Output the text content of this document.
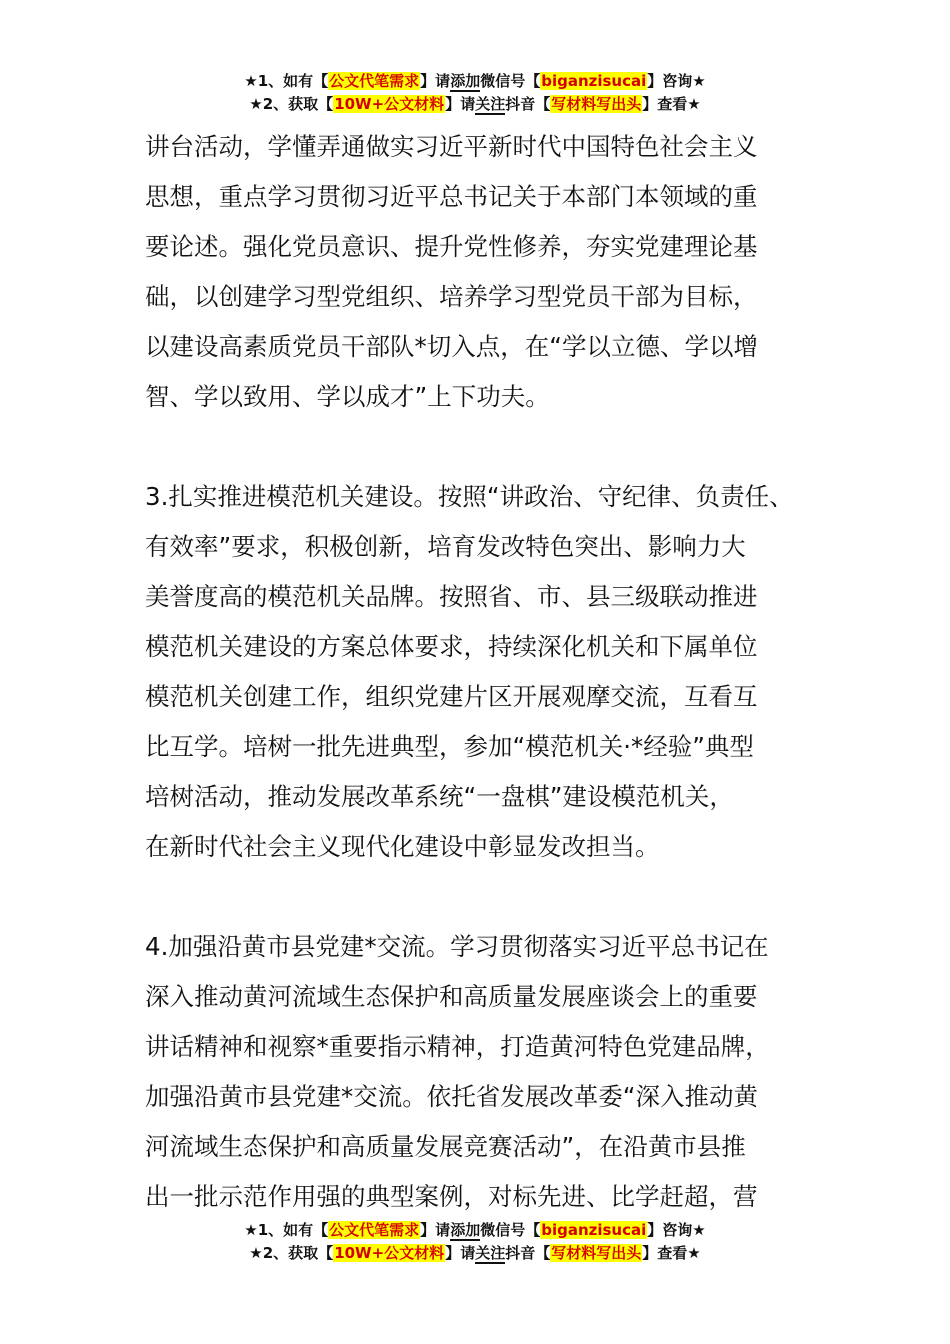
★1、如有【公文代笔需求】请添加微信号【biganzisucai】咨询★
★2、获取【10W+公文材料】请关注抖音【写材料写出头】查看★

讲台活动，学懂弄通做实习近平新时代中国特色社会主义
思想，重点学习贯彻习近平总书记关于本部门本领域的重
要论述。强化党员意识、提升党性修养，夯实党建理论基
础，以创建学习型党组织、培养学习型党员干部为目标，
以建设高素质党员干部队*切入点，在“学以立德、学以增
智、学以致用、学以成才”上下功夫。

3.扎实推进模范机关建设。按照“讲政治、守纪律、负责任、
有效率”要求，积极创新，培育发改特色突出、影响力大
美誉度高的模范机关品牌。按照省、市、县三级联动推进
模范机关建设的方案总体要求，持续深化机关和下属单位
模范机关创建工作，组织党建片区开展观摩交流，互看互
比互学。培树一批先进典型，参加“模范机关·*经验”典型
培树活动，推动发展改革系统“一盘棋”建设模范机关，
在新时代社会主义现代化建设中彰显发改担当。

4.加强沿黄市县党建*交流。学习贯彻落实习近平总书记在
深入推动黄河流域生态保护和高质量发展座谈会上的重要
讲话精神和视察*重要指示精神，打造黄河特色党建品牌，
加强沿黄市县党建*交流。依托省发展改革委“深入推动黄
河流域生态保护和高质量发展竞赛活动”，在沿黄市县推
出一批示范作用强的典型案例，对标先进、比学赶超，营

★1、如有【公文代笔需求】请添加微信号【biganzisucai】咨询★
★2、获取【10W+公文材料】请关注抖音【写材料写出头】查看★
